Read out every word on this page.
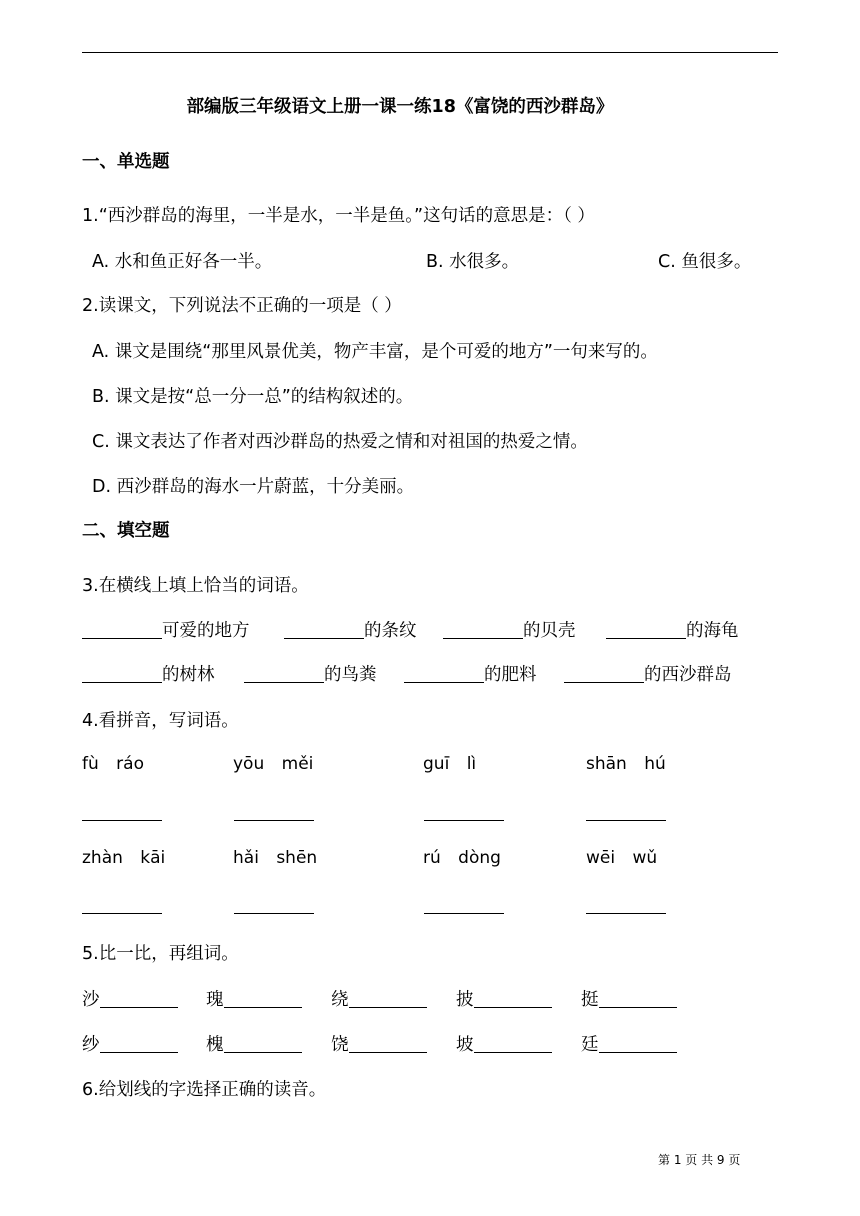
部编版三年级语文上册一课一练18《富饶的西沙群岛》
一、单选题
1.“西沙群岛的海里，一半是水，一半是鱼。”这句话的意思是：（ ）
A. 水和鱼正好各一半。	B. 水很多。	C. 鱼很多。
2.读课文，下列说法不正确的一项是（ ）
A. 课文是围绕“那里风景优美，物产丰富，是个可爱的地方”一句来写的。
B. 课文是按“总一分一总”的结构叙述的。
C. 课文表达了作者对西沙群岛的热爱之情和对祖国的热爱之情。
D. 西沙群岛的海水一片蔚蓝，十分美丽。
二、填空题
3.在横线上填上恰当的词语。
可爱的地方	的条纹	的贝壳	的海龟
的树林	的鸟粪	的肥料	的西沙群岛
4.看拼音，写词语。
fù ráo	yōu měi	guī lì	shān hú
zhàn kāi	hǎi shēn	rú dòng	wēi wǔ
5.比一比，再组词。
沙	瑰	绕	披	挺
纱	槐	饶	坡	廷
6.给划线的字选择正确的读音。
第 1 页 共 9 页
